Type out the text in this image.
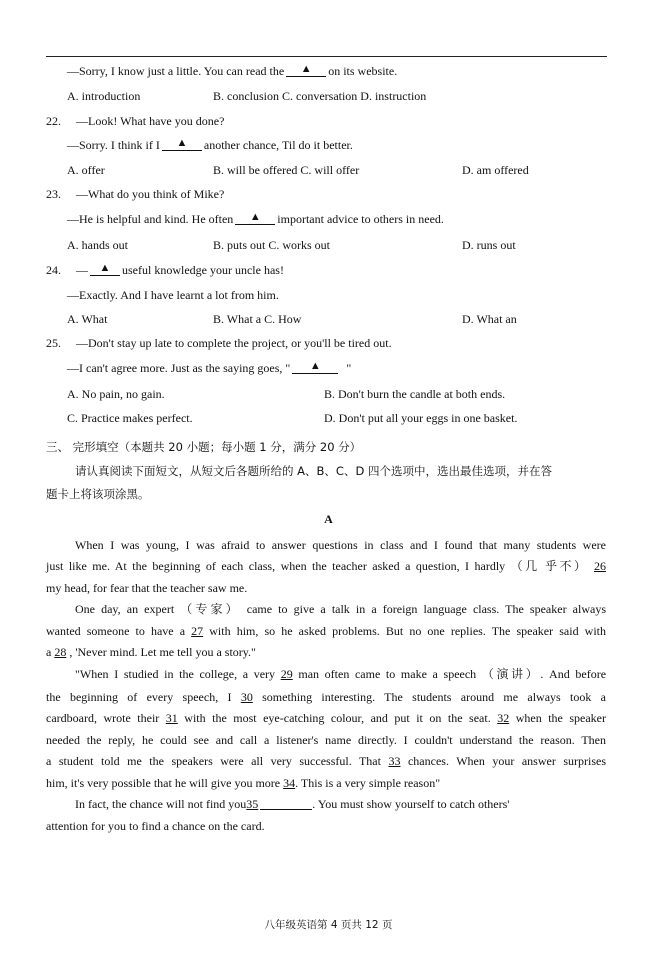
—Sorry, I know just a little. You can read the ▲ on its website.
A. introduction	B. conclusion C. conversation D. instruction
22. —Look! What have you done?
—Sorry. I think if I ▲ another chance, Til do it better.
A. offer	B. will be offered C. will offer	D. am offered
23. —What do you think of Mike?
—He is helpful and kind. He often ▲ important advice to others in need.
A. hands out	B. puts out C. works out	D. runs out
24. — ▲ useful knowledge your uncle has!
—Exactly. And I have learnt a lot from him.
A. What	B. What a C. How	D. What an
25. —Don't stay up late to complete the project, or you'll be tired out.
—I can't agree more. Just as the saying goes, " ▲ "
A. No pain, no gain.	B. Don't burn the candle at both ends.
C. Practice makes perfect.	D. Don't put all your eggs in one basket.
三、 完形填空（本题共 20 小题；每小题 1 分，满分 20 分）
请认真阅读下面短文，从短文后各题所给的 A、B、C、D 四个选项中，选出最佳选项，并在答
题卡上将该项涂黑。
A
When I was young, I was afraid to answer questions in class and I found that many students were
just like me. At the beginning of each class, when the teacher asked a question, I hardly （几 乎不） 26
my head, for fear that the teacher saw me.
One day, an expert （专家） came to give a talk in a foreign language class. The speaker always
wanted someone to have a 27 with him, so he asked problems. But no one replies. The speaker said with
a 28 , 'Never mind. Let me tell you a story."
"When I studied in the college, a very 29 man often came to make a speech （演讲）. And before
the beginning of every speech, I 30 something interesting. The students around me always took a
cardboard, wrote their 31 with the most eye-catching colour, and put it on the seat. 32 when the speaker
needed the reply, he could see and call a listener's name directly. I couldn't understand the reason. Then
a student told me the speakers were all very successful. That 33 chances. When your answer surprises
him, it's very possible that he will give you more 34. This is a very simple reason"
In fact, the chance will not find you35	. You must show yourself to catch others'
attention for you to find a chance on the card.
八年级英语第 4 页共 12 页
